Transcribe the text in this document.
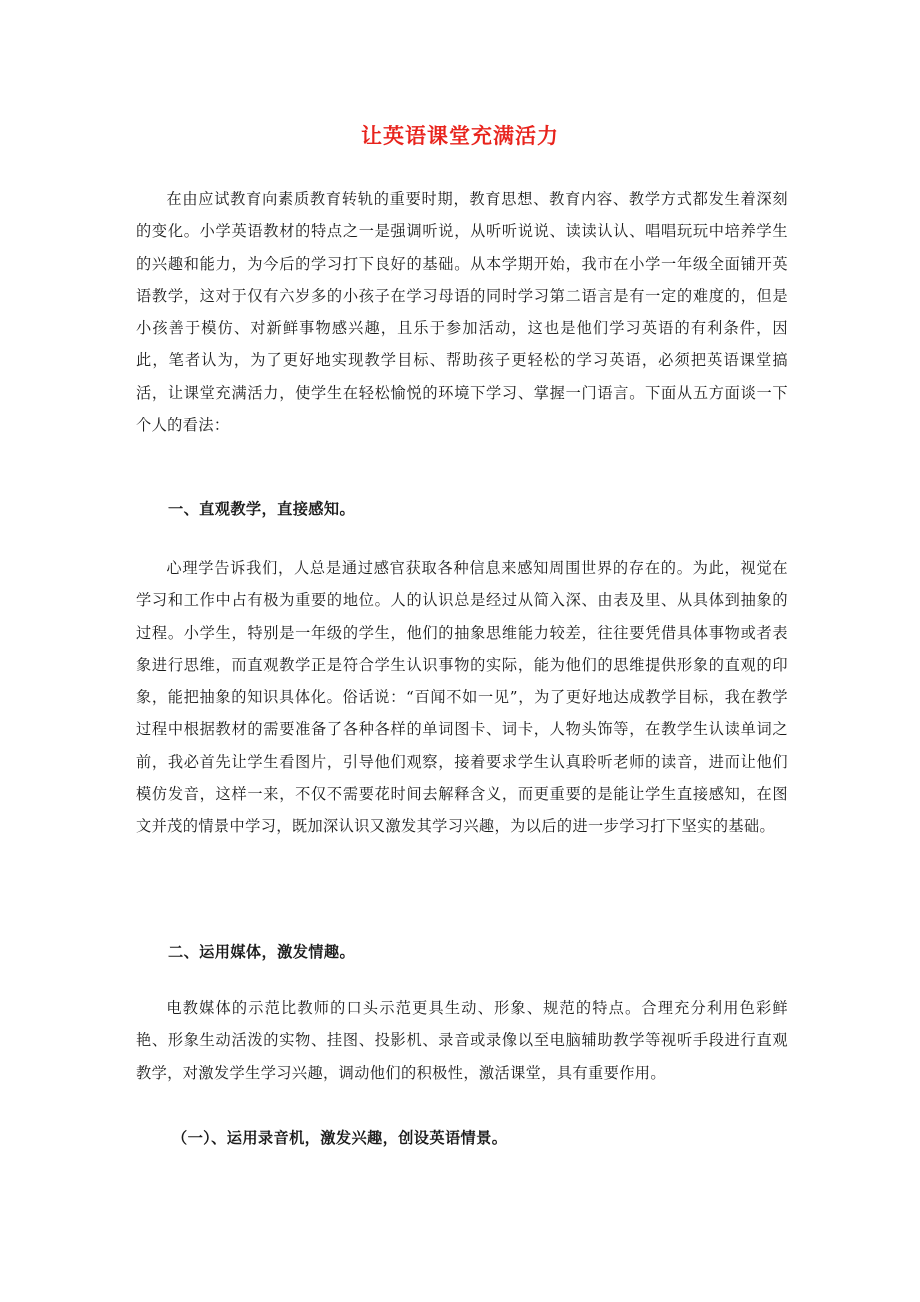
让英语课堂充满活力

在由应试教育向素质教育转轨的重要时期，教育思想、教育内容、教学方式都发生着深刻的变化。小学英语教材的特点之一是强调听说，从听听说说、读读认认、唱唱玩玩中培养学生的兴趣和能力，为今后的学习打下良好的基础。从本学期开始，我市在小学一年级全面铺开英语教学，这对于仅有六岁多的小孩子在学习母语的同时学习第二语言是有一定的难度的，但是小孩善于模仿、对新鲜事物感兴趣，且乐于参加活动，这也是他们学习英语的有利条件，因此，笔者认为，为了更好地实现教学目标、帮助孩子更轻松的学习英语，必须把英语课堂搞活，让课堂充满活力，使学生在轻松愉悦的环境下学习、掌握一门语言。下面从五方面谈一下个人的看法：

一、直观教学，直接感知。

心理学告诉我们，人总是通过感官获取各种信息来感知周围世界的存在的。为此，视觉在学习和工作中占有极为重要的地位。人的认识总是经过从简入深、由表及里、从具体到抽象的过程。小学生，特别是一年级的学生，他们的抽象思维能力较差，往往要凭借具体事物或者表象进行思维，而直观教学正是符合学生认识事物的实际，能为他们的思维提供形象的直观的印象，能把抽象的知识具体化。俗话说：“百闻不如一见”，为了更好地达成教学目标，我在教学过程中根据教材的需要准备了各种各样的单词图卡、词卡，人物头饰等，在教学生认读单词之前，我必首先让学生看图片，引导他们观察，接着要求学生认真聆听老师的读音，进而让他们模仿发音，这样一来，不仅不需要花时间去解释含义，而更重要的是能让学生直接感知，在图文并茂的情景中学习，既加深认识又激发其学习兴趣，为以后的进一步学习打下坚实的基础。

二、运用媒体，激发情趣。

电教媒体的示范比教师的口头示范更具生动、形象、规范的特点。合理充分利用色彩鲜艳、形象生动活泼的实物、挂图、投影机、录音或录像以至电脑辅助教学等视听手段进行直观教学，对激发学生学习兴趣，调动他们的积极性，激活课堂，具有重要作用。

（一）、运用录音机，激发兴趣，创设英语情景。
